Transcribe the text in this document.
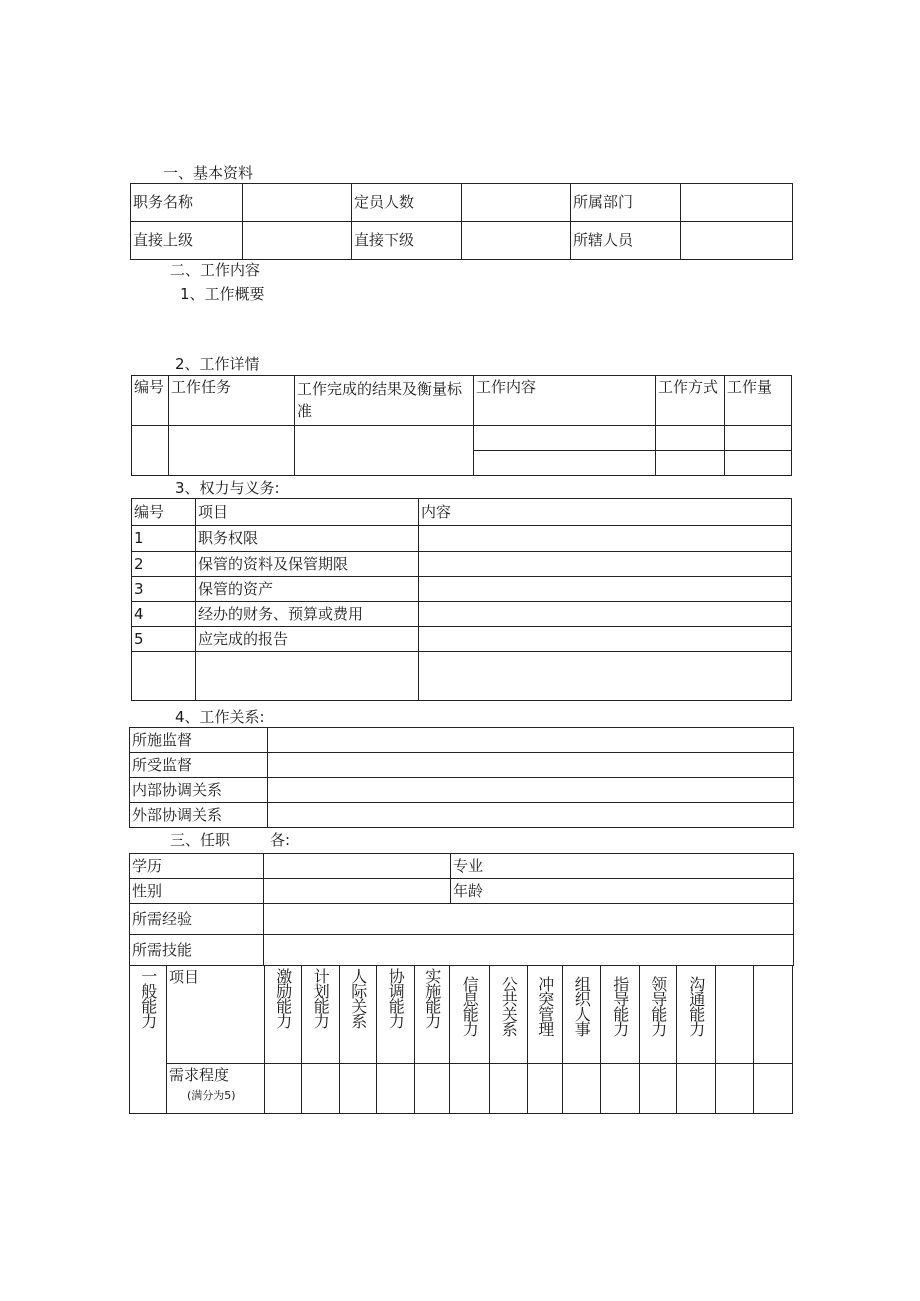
一、基本资料
职务名称		定员人数		所属部门	
直接上级		直接下级		所辖人员	
二、工作内容
1、工作概要
2、工作详情
编号	工作任务	工作完成的结果及衡量标准	工作内容	工作方式	工作量

3、权力与义务:
编号	项目	内容
1	职务权限	
2	保管的资料及保管期限	
3	保管的资产	
4	经办的财务、预算或费用	
5	应完成的报告	

4、工作关系:
所施监督	
所受监督	
内部协调关系	
外部协调关系	
三、任职	各:
学历		专业
性别		年龄
所需经验		
所需技能		
一般能力	项目	激励能力	计划能力	人际关系	协调能力	实施能力	信息能力	公共关系	冲突管理	组织人事	指导能力	领导能力	沟通能力		
	需求程度
(满分为5)														
